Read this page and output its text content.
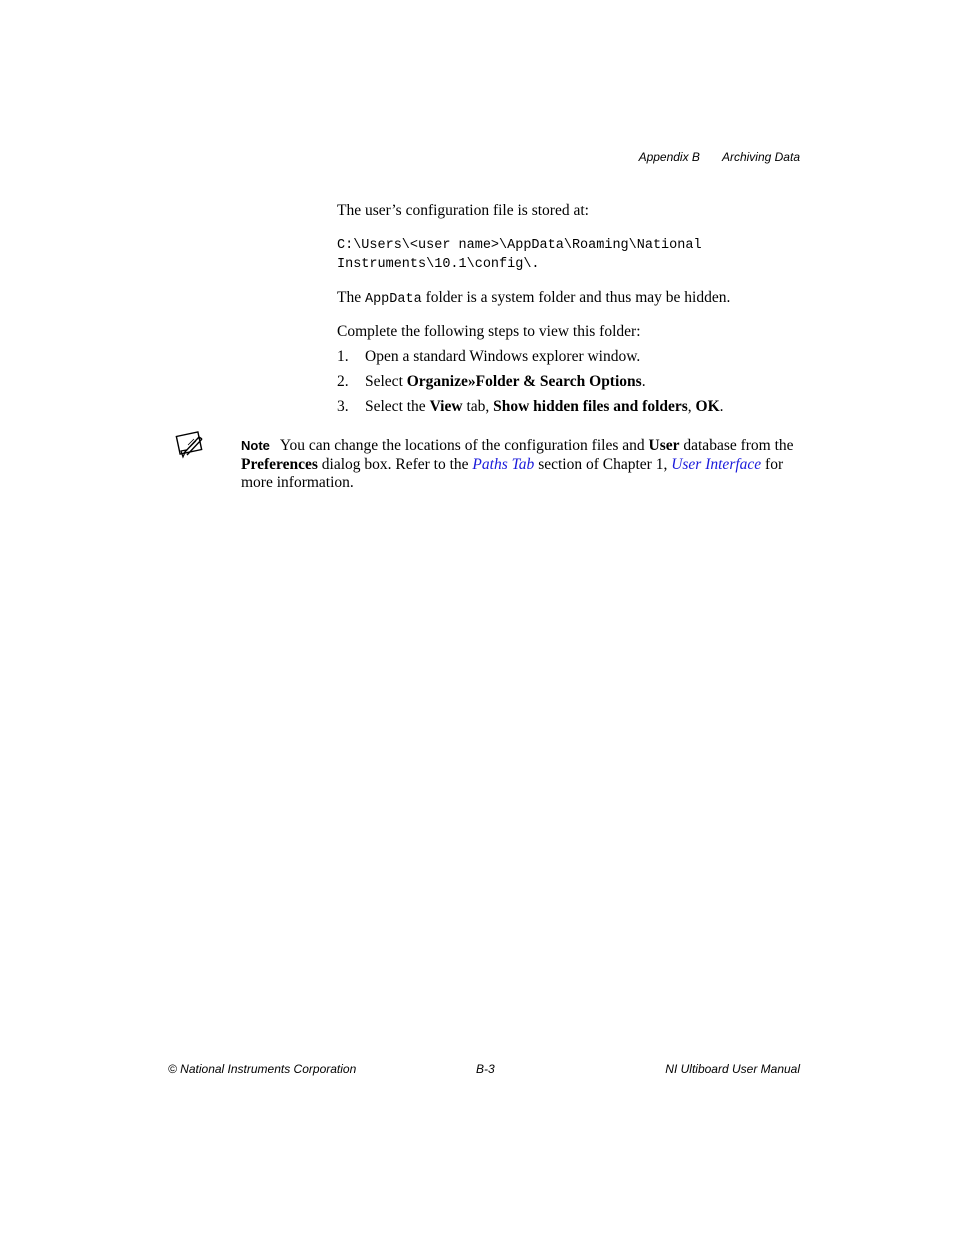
Appendix B Archiving Data
The user’s configuration file is stored at:
C:\Users\<user name>\AppData\Roaming\National
Instruments\10.1\config\.
The AppData folder is a system folder and thus may be hidden.
Complete the following steps to view this folder:
1. Open a standard Windows explorer window.
2. Select Organize»Folder & Search Options.
3. Select the View tab, Show hidden files and folders, OK.
Note You can change the locations of the configuration files and User database from the Preferences dialog box. Refer to the Paths Tab section of Chapter 1, User Interface for more information.
© National Instruments Corporation	B-3	NI Ultiboard User Manual
